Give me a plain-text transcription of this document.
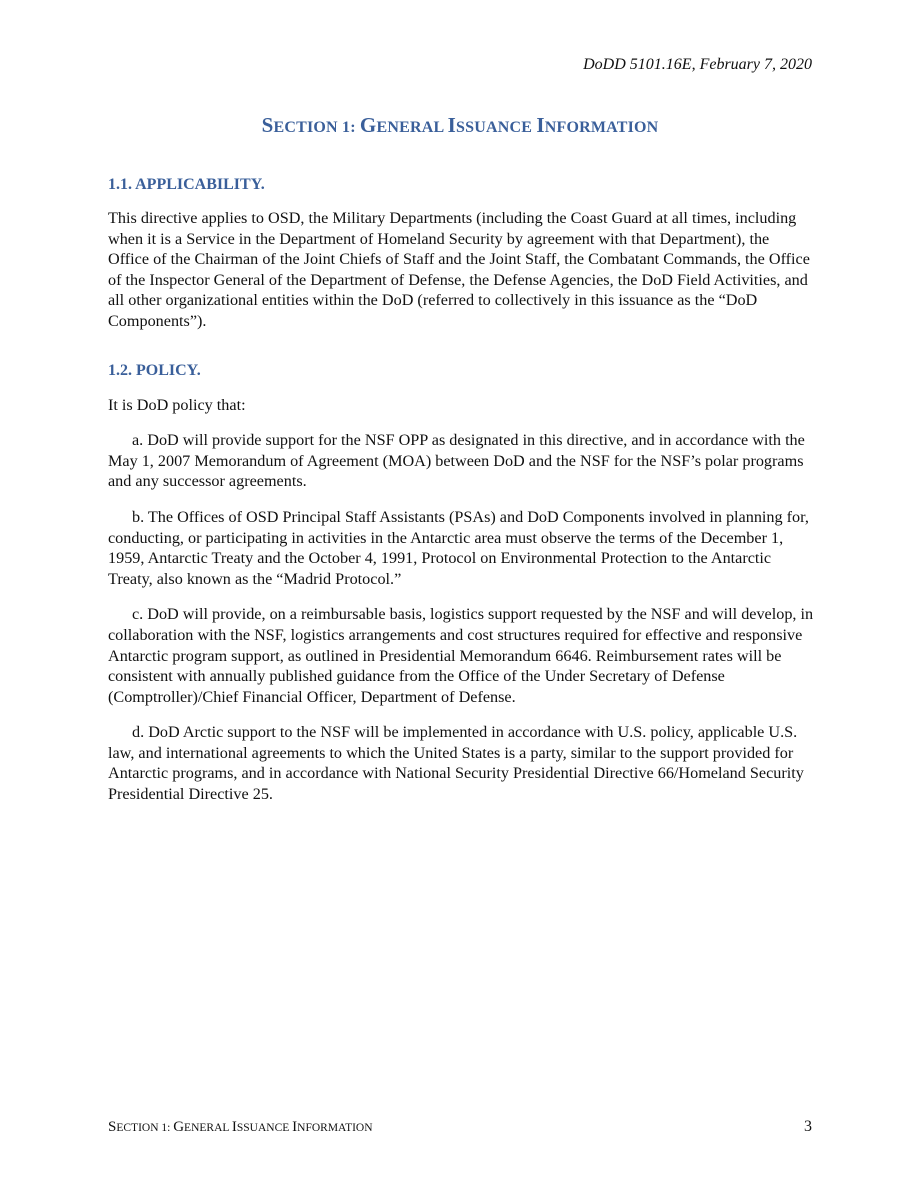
DoDD 5101.16E, February 7, 2020
SECTION 1: GENERAL ISSUANCE INFORMATION
1.1. APPLICABILITY.

This directive applies to OSD, the Military Departments (including the Coast Guard at all times, including when it is a Service in the Department of Homeland Security by agreement with that Department), the Office of the Chairman of the Joint Chiefs of Staff and the Joint Staff, the Combatant Commands, the Office of the Inspector General of the Department of Defense, the Defense Agencies, the DoD Field Activities, and all other organizational entities within the DoD (referred to collectively in this issuance as the “DoD Components”).

1.2. POLICY.

It is DoD policy that:

a. DoD will provide support for the NSF OPP as designated in this directive, and in accordance with the May 1, 2007 Memorandum of Agreement (MOA) between DoD and the NSF for the NSF’s polar programs and any successor agreements.

b. The Offices of OSD Principal Staff Assistants (PSAs) and DoD Components involved in planning for, conducting, or participating in activities in the Antarctic area must observe the terms of the December 1, 1959, Antarctic Treaty and the October 4, 1991, Protocol on Environmental Protection to the Antarctic Treaty, also known as the “Madrid Protocol.”

c. DoD will provide, on a reimbursable basis, logistics support requested by the NSF and will develop, in collaboration with the NSF, logistics arrangements and cost structures required for effective and responsive Antarctic program support, as outlined in Presidential Memorandum 6646. Reimbursement rates will be consistent with annually published guidance from the Office of the Under Secretary of Defense (Comptroller)/Chief Financial Officer, Department of Defense.

d. DoD Arctic support to the NSF will be implemented in accordance with U.S. policy, applicable U.S. law, and international agreements to which the United States is a party, similar to the support provided for Antarctic programs, and in accordance with National Security Presidential Directive 66/Homeland Security Presidential Directive 25.

SECTION 1: GENERAL ISSUANCE INFORMATION	3
